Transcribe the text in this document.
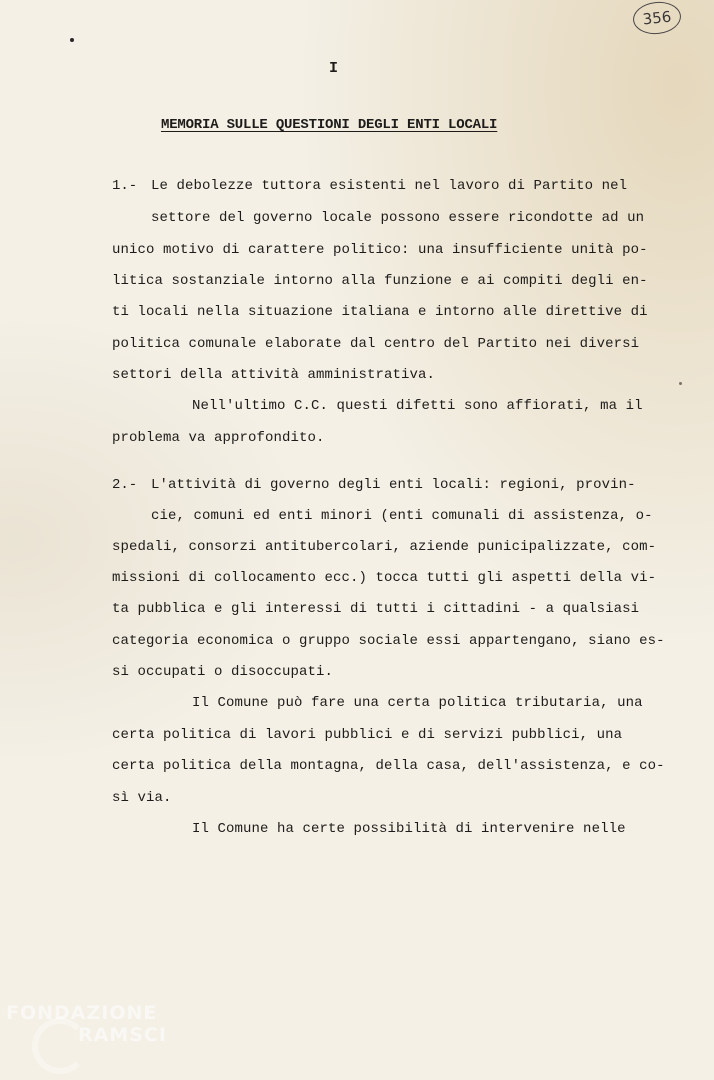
356
I
MEMORIA SULLE QUESTIONI DEGLI ENTI LOCALI
1.- Le debolezze tuttora esistenti nel lavoro di Partito nel
settore del governo locale possono essere ricondotte ad un
unico motivo di carattere politico: una insufficiente unità po-
litica sostanziale intorno alla funzione e ai compiti degli en-
ti locali nella situazione italiana e intorno alle direttive di
politica comunale elaborate dal centro del Partito nei diversi
settori della attività amministrativa.
Nell'ultimo C.C. questi difetti sono affiorati, ma il
problema va approfondito.
2.- L'attività di governo degli enti locali: regioni, provin-
cie, comuni ed enti minori (enti comunali di assistenza, o-
spedali, consorzi antitubercolari, aziende punicipalizzate, com-
missioni di collocamento ecc.) tocca tutti gli aspetti della vi-
ta pubblica e gli interessi di tutti i cittadini - a qualsiasi
categoria economica o gruppo sociale essi appartengano, siano es-
si occupati o disoccupati.
Il Comune può fare una certa politica tributaria, una
certa politica di lavori pubblici e di servizi pubblici, una
certa politica della montagna, della casa, dell'assistenza, e co-
sì via.
Il Comune ha certe possibilità di intervenire nelle
FONDAZIONE
RAMSCI
